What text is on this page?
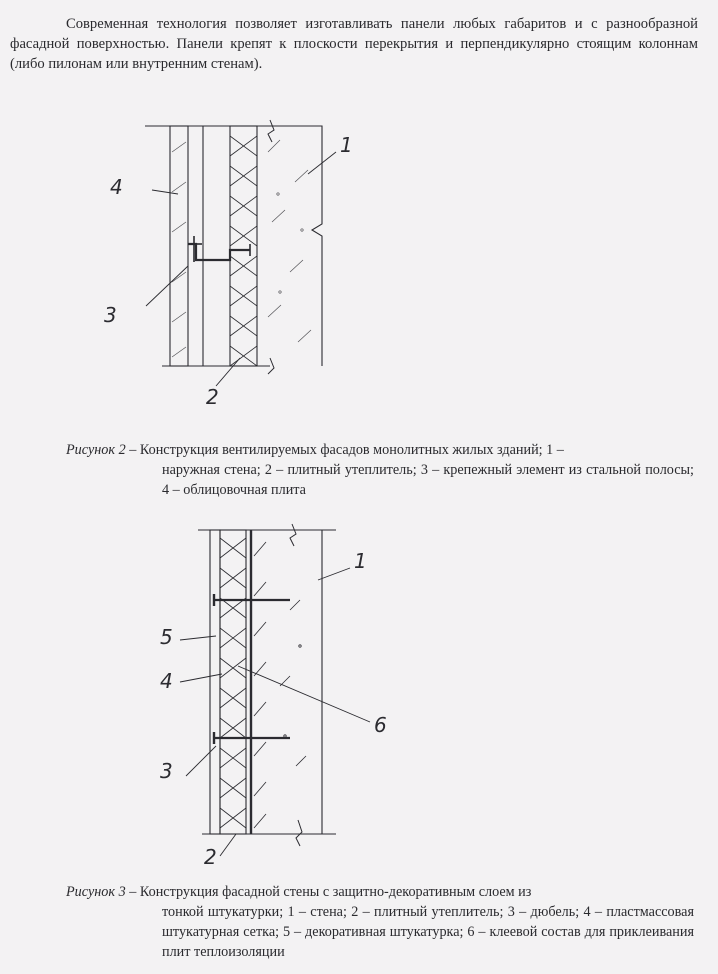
Современная технология позволяет изготавливать панели любых габаритов и с разнообразной фасадной поверхностью. Панели крепят к плоскости перекрытия и перпендикулярно стоящим колоннам (либо пилонам или внутренним стенам).

4
3
2
1

Рисунок 2 – Конструкция вентилируемых фасадов монолитных жилых зданий; 1 –
наружная стена; 2 – плитный утеплитель; 3 – крепежный элемент из стальной полосы; 4 – облицовочная плита

1
5
4
6
3
2

Рисунок 3 – Конструкция фасадной стены с защитно-декоративным слоем из
тонкой штукатурки; 1 – стена; 2 – плитный утеплитель; 3 – дюбель; 4 – пластмассовая штукатурная сетка; 5 – декоративная штукатурка; 6 – клеевой состав для приклеивания плит теплоизоляции
